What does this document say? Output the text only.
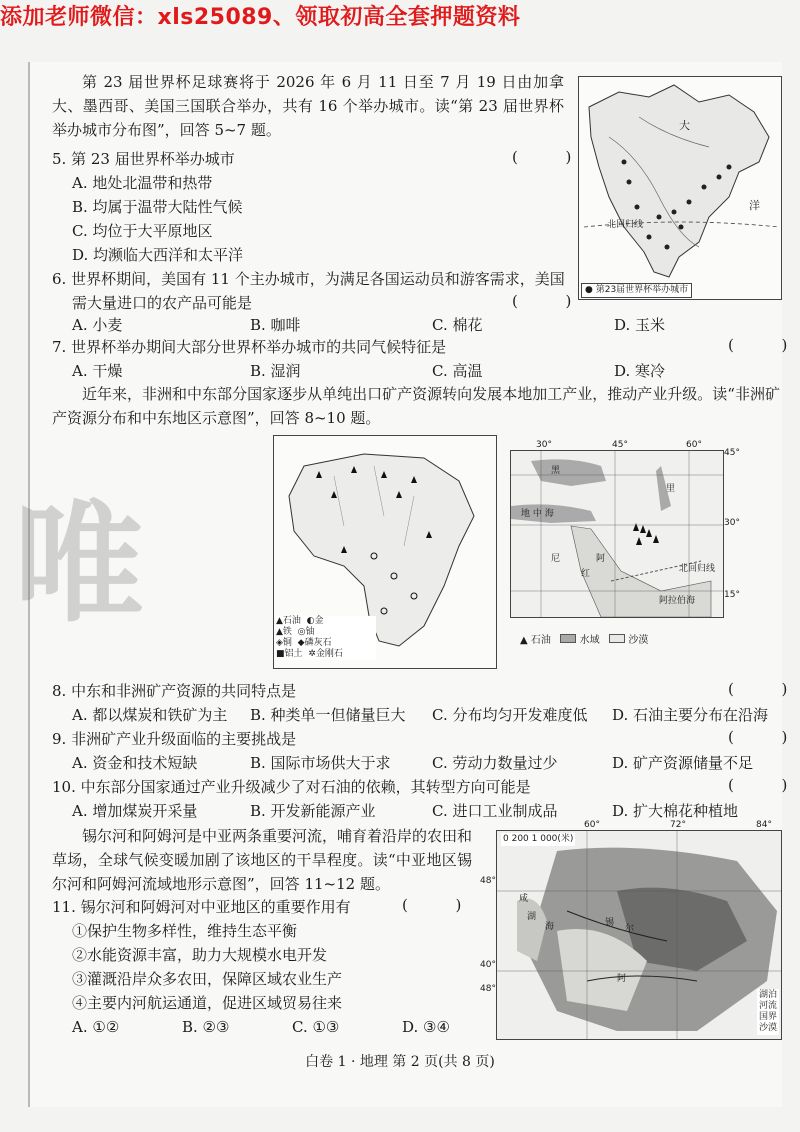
添加老师微信：xls25089、领取初高全套押题资料
唯
第 23 届世界杯足球赛将于 2026 年 6 月 11 日至 7 月 19 日由加拿大、墨西哥、美国三国联合举办，共有 16 个举办城市。读“第 23 届世界杯举办城市分布图”，回答 5~7 题。
5. 第 23 届世界杯举办城市	(          )
A. 地处北温带和热带
B. 均属于温带大陆性气候
C. 均位于大平原地区
D. 均濒临大西洋和太平洋
6. 世界杯期间，美国有 11 个主办城市，为满足各国运动员和游客需求，美国
需大量进口的农产品可能是	(          )
A. 小麦	B. 咖啡	C. 棉花	D. 玉米
7. 世界杯举办期间大部分世界杯举办城市的共同气候特征是	(          )
A. 干燥	B. 湿润	C. 高温	D. 寒冷
近年来，非洲和中东部分国家逐步从单纯出口矿产资源转向发展本地加工产业，推动产业升级。读“非洲矿产资源分布和中东地区示意图”，回答 8~10 题。
北回归线
大
洋
● 第23届世界杯举办城市
▲石油 ◐金
▲铁 ◎铀
◈铜 ◆磷灰石
■铝土 ✲金刚石
黑
里
地 中 海
阿
红	北回归线
阿拉伯海
尼
30°	45°	60°
45°
30°
15°
▲ 石油	水域	沙漠
8. 中东和非洲矿产资源的共同特点是	(          )
A. 都以煤炭和铁矿为主 B. 种类单一但储量巨大 C. 分布均匀开发难度低 D. 石油主要分布在沿海
9. 非洲矿产业升级面临的主要挑战是	(          )
A. 资金和技术短缺	B. 国际市场供大于求	C. 劳动力数量过少	D. 矿产资源储量不足
10. 中东部分国家通过产业升级减少了对石油的依赖，其转型方向可能是	(          )
A. 增加煤炭开采量	B. 开发新能源产业	C. 进口工业制成品	D. 扩大棉花种植地
锡尔河和阿姆河是中亚两条重要河流，哺育着沿岸的农田和草场，全球气候变暖加剧了该地区的干旱程度。读“中亚地区锡尔河和阿姆河流域地形示意图”，回答 11~12 题。
11. 锡尔河和阿姆河对中亚地区的重要作用有	(          )
①保护生物多样性，维持生态平衡
②水能资源丰富，助力大规模水电开发
③灌溉沿岸众多农田，保障区域农业生产
④主要内河航运通道，促进区域贸易往来
A. ①②	B. ②③	C. ①③	D. ③④
0 200 1 000(米)
咸
海
湖
锡
尔
阿
湖泊
河流
国界
沙漠
60°	72°	84°
48°
40°
48°
白卷 1 · 地理 第 2 页(共 8 页)
